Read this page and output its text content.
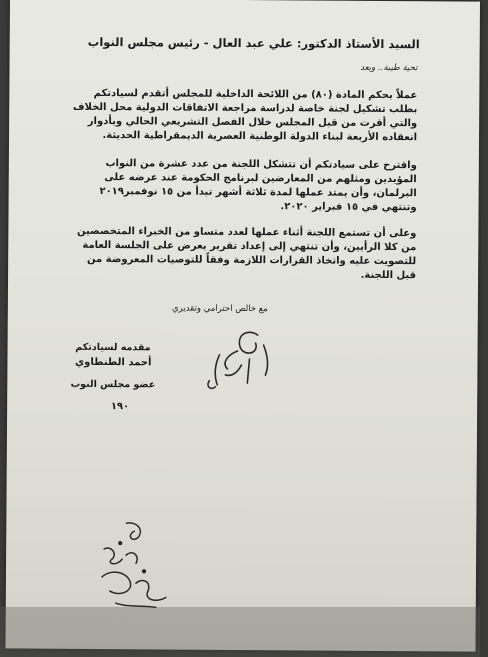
السيد الأستاذ الدكتور: علي عبد العال - رئيس مجلس النواب
تحية طيبة.. وبعد
عملاً بحكم المادة (٨٠) من اللائحة الداخلية للمجلس أتقدم لسيادتكم
بطلب تشكيل لجنة خاصة لدراسة مراجعة الاتفاقات الدولية محل الخلاف
والتي أقرت من قبل المجلس خلال الفصل التشريعي الحالي وبأدوار
انعقاده الأربعة لبناء الدولة الوطنية العصرية الديمقراطية الحديثة.
واقترح على سيادتكم أن تتشكل اللجنة من عدد عشرة من النواب
المؤيدين ومثلهم من المعارضين لبرنامج الحكومة عند عرضه على
البرلمان، وأن يمتد عملها لمدة ثلاثة أشهر تبدأ من ١٥ نوفمبر٢٠١٩
وتنتهي في ١٥ فبراير ٢٠٢٠.
وعلى أن تستمع اللجنة أثناء عملها لعدد متساو من الخبراء المتخصصين
من كلا الرأيين، وأن تنتهي إلى إعداد تقرير يعرض على الجلسة العامة
للتصويت عليه واتخاذ القرارات اللازمة وفقاً للتوصيات المعروضة من
قبل اللجنة.
مع خالص احترامي وتقديري
مقدمه لسيادتكم
أحمد الطنطاوي
عضو مجلس النوب
١٩٠
